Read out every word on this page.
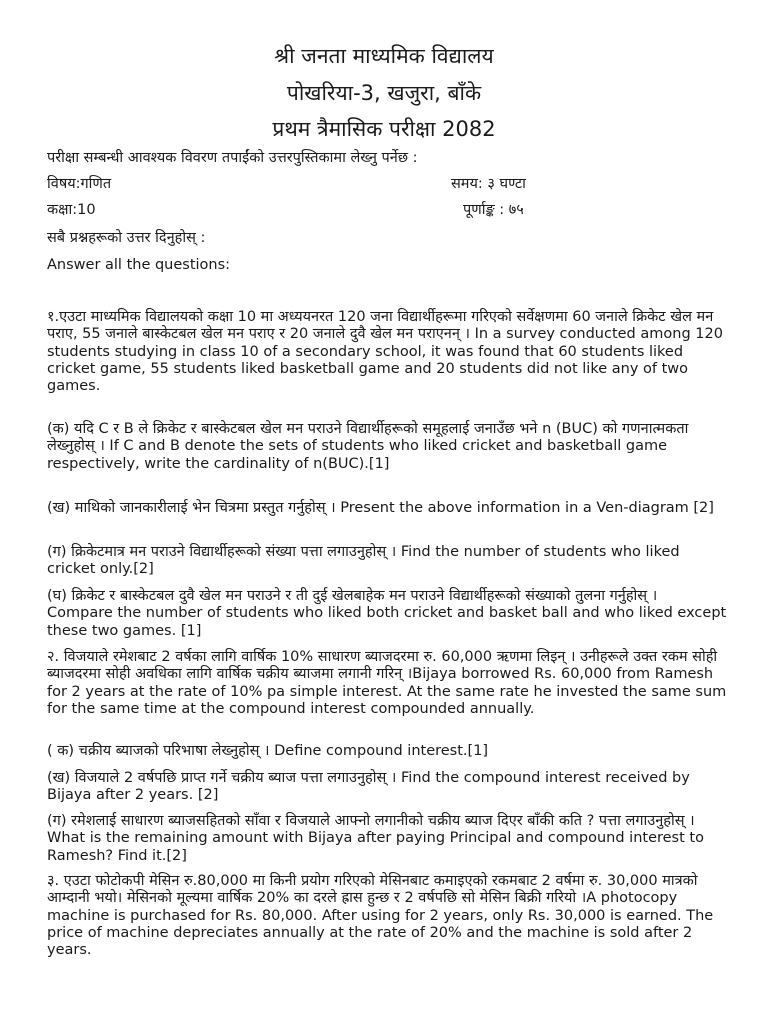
श्री जनता माध्यमिक विद्यालय

पोखरिया-3, खजुरा, बाँके

प्रथम त्रैमासिक परीक्षा 2082

परीक्षा सम्बन्धी आवश्यक विवरण तपाईंको उत्तरपुस्तिकामा लेख्नु पर्नेछ :
विषय:गणित	समय: ३ घण्टा
कक्षा:10	पूर्णाङ्क : ७५
सबै प्रश्नहरूको उत्तर दिनुहोस् :
Answer all the questions:

१.एउटा माध्यमिक विद्यालयको कक्षा 10 मा अध्ययनरत 120 जना विद्यार्थीहरूमा गरिएको सर्वेक्षणमा 60 जनाले क्रिकेट खेल मन पराए, 55 जनाले बास्केटबल खेल मन पराए र 20 जनाले दुवै खेल मन पराएनन् । In a survey conducted among 120 students studying in class 10 of a secondary school, it was found that 60 students liked cricket game, 55 students liked basketball game and 20 students did not like any of two games.

(क) यदि C र B ले क्रिकेट र बास्केटबल खेल मन पराउने विद्यार्थीहरूको समूहलाई जनाउँछ भने n (BUC) को गणनात्मकता लेख्नुहोस् । If C and B denote the sets of students who liked cricket and basketball game respectively, write the cardinality of n(BUC).[1]

(ख) माथिको जानकारीलाई भेन चित्रमा प्रस्तुत गर्नुहोस् । Present the above information in a Ven-diagram [2]

(ग) क्रिकेटमात्र मन पराउने विद्यार्थीहरूको संख्या पत्ता लगाउनुहोस् । Find the number of students who liked cricket only.[2]

(घ) क्रिकेट र बास्केटबल दुवै खेल मन पराउने र ती दुई खेलबाहेक मन पराउने विद्यार्थीहरूको संख्याको तुलना गर्नुहोस् । Compare the number of students who liked both cricket and basket ball and who liked except these two games. [1]

२. विजयाले रमेशबाट 2 वर्षका लागि वार्षिक 10% साधारण ब्याजदरमा रु. 60,000 ऋणमा लिइन् । उनीहरूले उक्त रकम सोही ब्याजदरमा सोही अवधिका लागि वार्षिक चक्रीय ब्याजमा लगानी गरिन् ।Bijaya borrowed Rs. 60,000 from Ramesh for 2 years at the rate of 10% pa simple interest. At the same rate he invested the same sum for the same time at the compound interest compounded annually.

( क) चक्रीय ब्याजको परिभाषा लेख्नुहोस् । Define compound interest.[1]

(ख) विजयाले 2 वर्षपछि प्राप्त गर्ने चक्रीय ब्याज पत्ता लगाउनुहोस् । Find the compound interest received by Bijaya after 2 years. [2]

(ग) रमेशलाई साधारण ब्याजसहितको साँवा र विजयाले आफ्नो लगानीको चक्रीय ब्याज दिएर बाँकी कति ? पत्ता लगाउनुहोस् । What is the remaining amount with Bijaya after paying Principal and compound interest to Ramesh? Find it.[2]

३. एउटा फोटोकपी मेसिन रु.80,000 मा किनी प्रयोग गरिएको मेसिनबाट कमाइएको रकमबाट 2 वर्षमा रु. 30,000 मात्रको आम्दानी भयो। मेसिनको मूल्यमा वार्षिक 20% का दरले ह्रास हुन्छ र 2 वर्षपछि सो मेसिन बिक्री गरियो ।A photocopy machine is purchased for Rs. 80,000. After using for 2 years, only Rs. 30,000 is earned. The price of machine depreciates annually at the rate of 20% and the machine is sold after 2 years.
